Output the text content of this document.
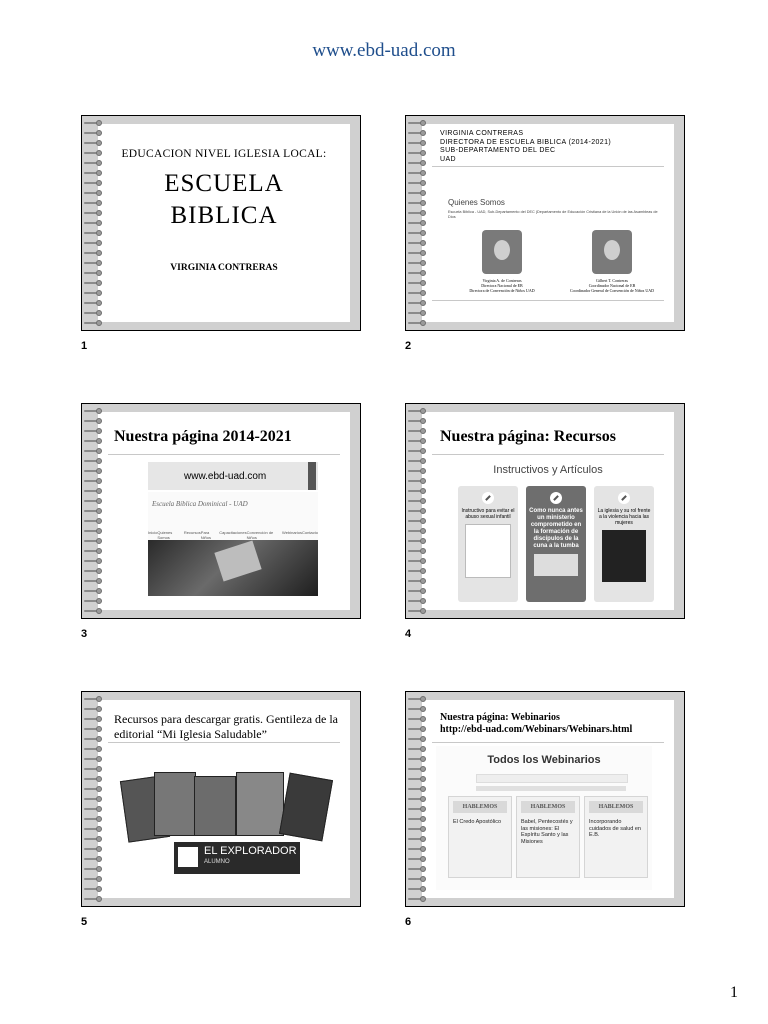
www.ebd-uad.com
EDUCACION NIVEL IGLESIA LOCAL:
ESCUELA
BIBLICA
VIRGINIA CONTRERAS
1
VIRGINIA CONTRERAS
DIRECTORA DE ESCUELA BIBLICA (2014-2021)
SUB-DEPARTAMENTO DEL DEC
UAD
Quienes Somos
Escuela Bíblica - UAD, Sub-Departamento del DEC (Departamento de Educación Cristiana de la Unión de las Asambleas de Dios
Virginia A. de Contreras
Directora Nacional de EB
Directora de Convención de Niños UAD
Gilbert T. Contreras
Coordinador Nacional de EB
Coordinador General de Convención de Niños UAD
2
Nuestra página 2014-2021
www.ebd-uad.com
Escuela Bíblica Dominical - UAD
Inicio Quienes Somos
Recursos Para Niños
Capacitaciones Convención de Niños
Webinarios Contacto
3
Nuestra página: Recursos
Instructivos y Artículos
Instructivo para evitar el abuso sexual infantil
Como nunca antes un ministerio comprometido en la formación de discípulos de la cuna a la tumba
La iglesia y su rol frente a la violencia hacia las mujeres
4
Recursos para descargar gratis. Gentileza de la editorial “Mi Iglesia Saludable”
EL EXPLORADOR
ALUMNO
5
Nuestra página: Webinarios
http://ebd-uad.com/Webinars/Webinars.html
Todos los Webinarios
HABLEMOS
El Credo Apostólico
HABLEMOS
Babel, Pentecostés y las misiones: El Espíritu Santo y las Misiones
HABLEMOS
Incorporando cuidados de salud en E.B.
6
1
